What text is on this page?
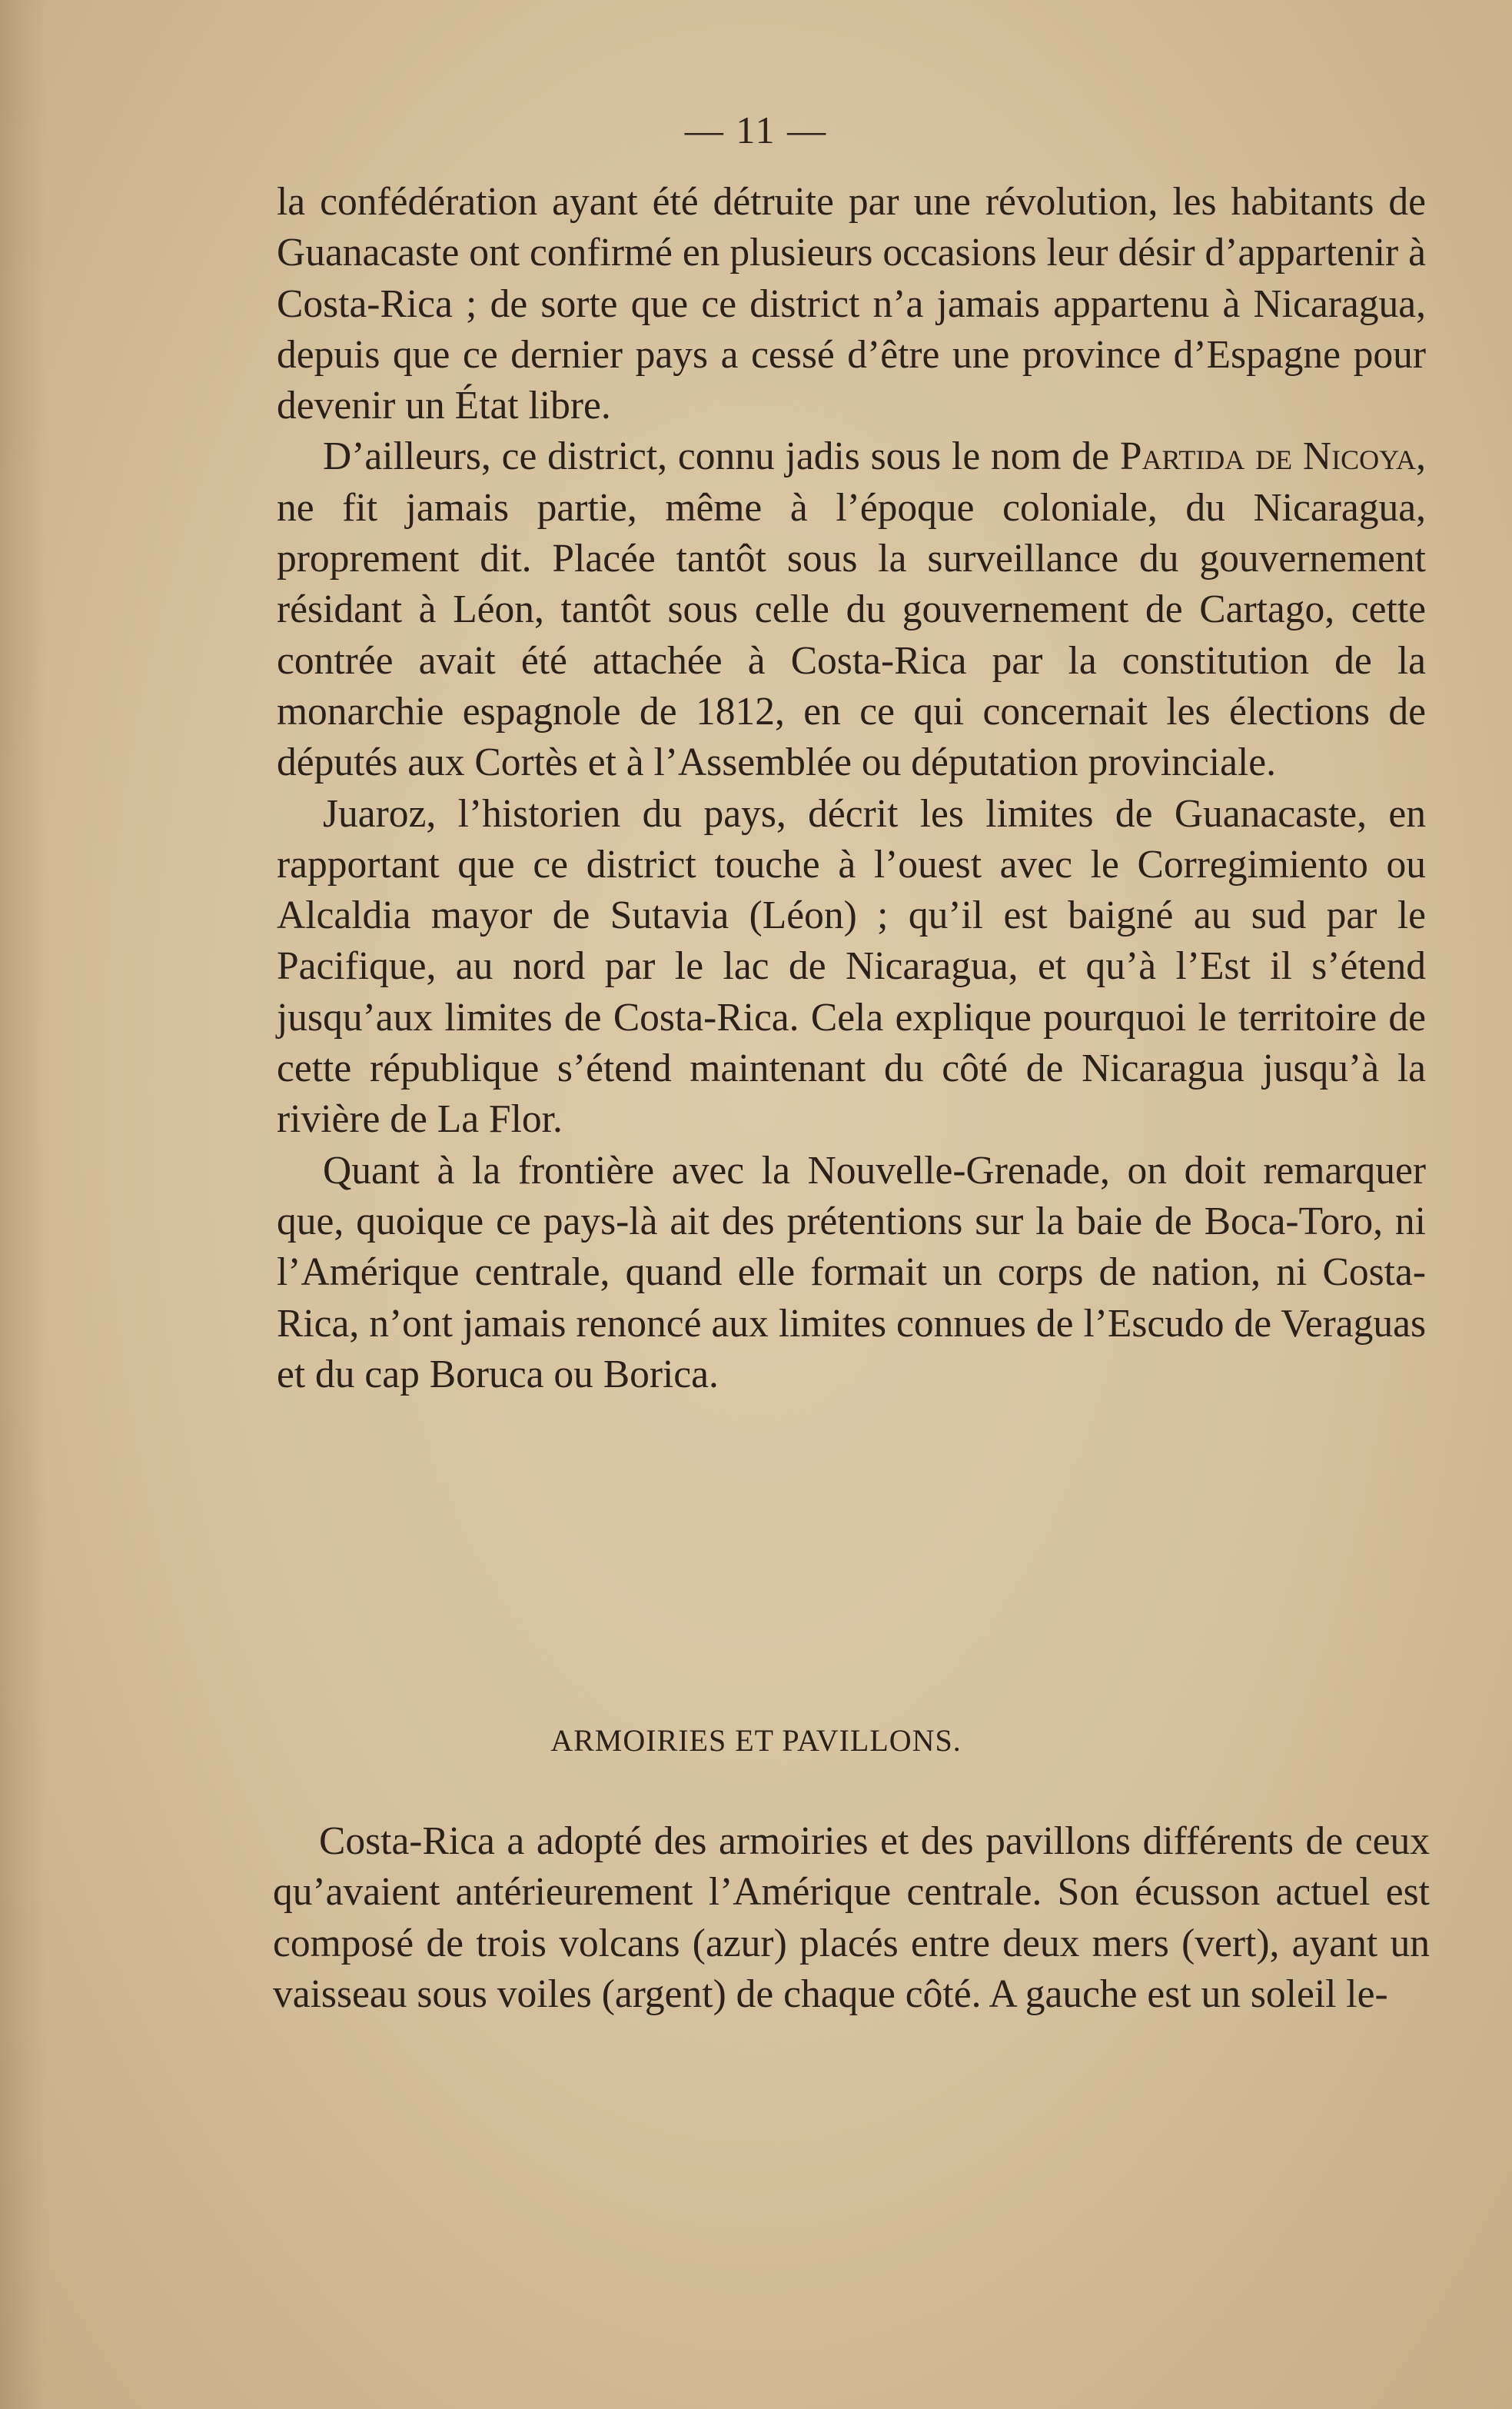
— 11 —

la confédération ayant été détruite par une révolution, les habitants de Guanacaste ont confirmé en plusieurs occasions leur désir d’appartenir à Costa-Rica ; de sorte que ce district n’a jamais appartenu à Nicaragua, depuis que ce dernier pays a cessé d’être une province d’Espagne pour devenir un État libre.

D’ailleurs, ce district, connu jadis sous le nom de Partida de Nicoya, ne fit jamais partie, même à l’époque coloniale, du Nicaragua, proprement dit. Placée tantôt sous la surveillance du gouvernement résidant à Léon, tantôt sous celle du gouvernement de Cartago, cette contrée avait été attachée à Costa-Rica par la constitution de la monarchie espagnole de 1812, en ce qui concernait les élections de députés aux Cortès et à l’Assemblée ou députation provinciale.

Juaroz, l’historien du pays, décrit les limites de Guanacaste, en rapportant que ce district touche à l’ouest avec le Corregimiento ou Alcaldia mayor de Sutavia (Léon) ; qu’il est baigné au sud par le Pacifique, au nord par le lac de Nicaragua, et qu’à l’Est il s’étend jusqu’aux limites de Costa-Rica. Cela explique pourquoi le territoire de cette république s’étend maintenant du côté de Nicaragua jusqu’à la rivière de La Flor.

Quant à la frontière avec la Nouvelle-Grenade, on doit remarquer que, quoique ce pays-là ait des prétentions sur la baie de Boca-Toro, ni l’Amérique centrale, quand elle formait un corps de nation, ni Costa-Rica, n’ont jamais renoncé aux limites connues de l’Escudo de Veraguas et du cap Boruca ou Borica.

ARMOIRIES ET PAVILLONS.

Costa-Rica a adopté des armoiries et des pavillons différents de ceux qu’avaient antérieurement l’Amérique centrale. Son écusson actuel est composé de trois volcans (azur) placés entre deux mers (vert), ayant un vaisseau sous voiles (argent) de chaque côté. A gauche est un soleil le-
